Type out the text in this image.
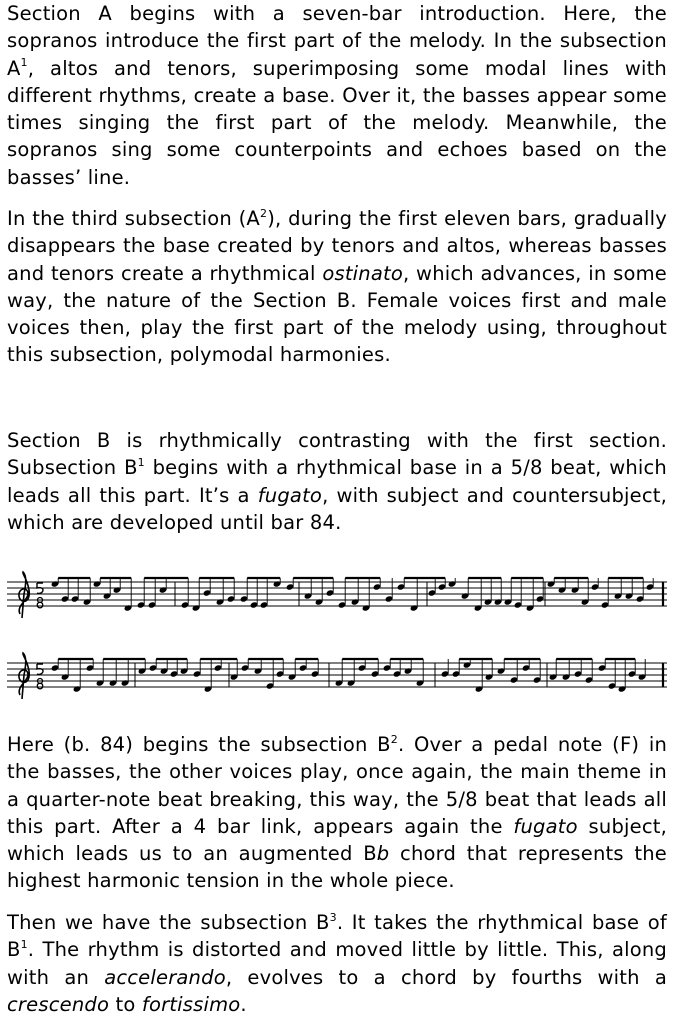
Section A begins with a seven-bar introduction. Here, the sopranos introduce the first part of the melody. In the subsection $A^1$, altos and tenors, superimposing some modal lines with different rhythms, create a base. Over it, the basses appear some times singing the first part of the melody. Meanwhile, the sopranos sing some counterpoints and echoes based on the basses’ line.

In the third subsection $(A^2)$, during the first eleven bars, gradually disappears the base created by tenors and altos, whereas basses and tenors create a rhythmical ostinato, which advances, in some way, the nature of the Section B. Female voices first and male voices then, play the first part of the melody using, throughout this subsection, polymodal harmonies.

Section B is rhythmically contrasting with the first section. Subsection $B^1$ begins with a rhythmical base in a 5/8 beat, which leads all this part. It’s a fugato, with subject and countersubject, which are developed until bar 84.

Here (b. 84) begins the subsection $B^2$. Over a pedal note (F) in the basses, the other voices play, once again, the main theme in a quarter-note beat breaking, this way, the 5/8 beat that leads all this part. After a 4 bar link, appears again the fugato subject, which leads us to an augmented Bb chord that represents the highest harmonic tension in the whole piece.

Then we have the subsection $B^3$. It takes the rhythmical base of $B^1$. The rhythm is distorted and moved little by little. This, along with an accelerando, evolves to a chord by fourths with a crescendo to fortissimo.
